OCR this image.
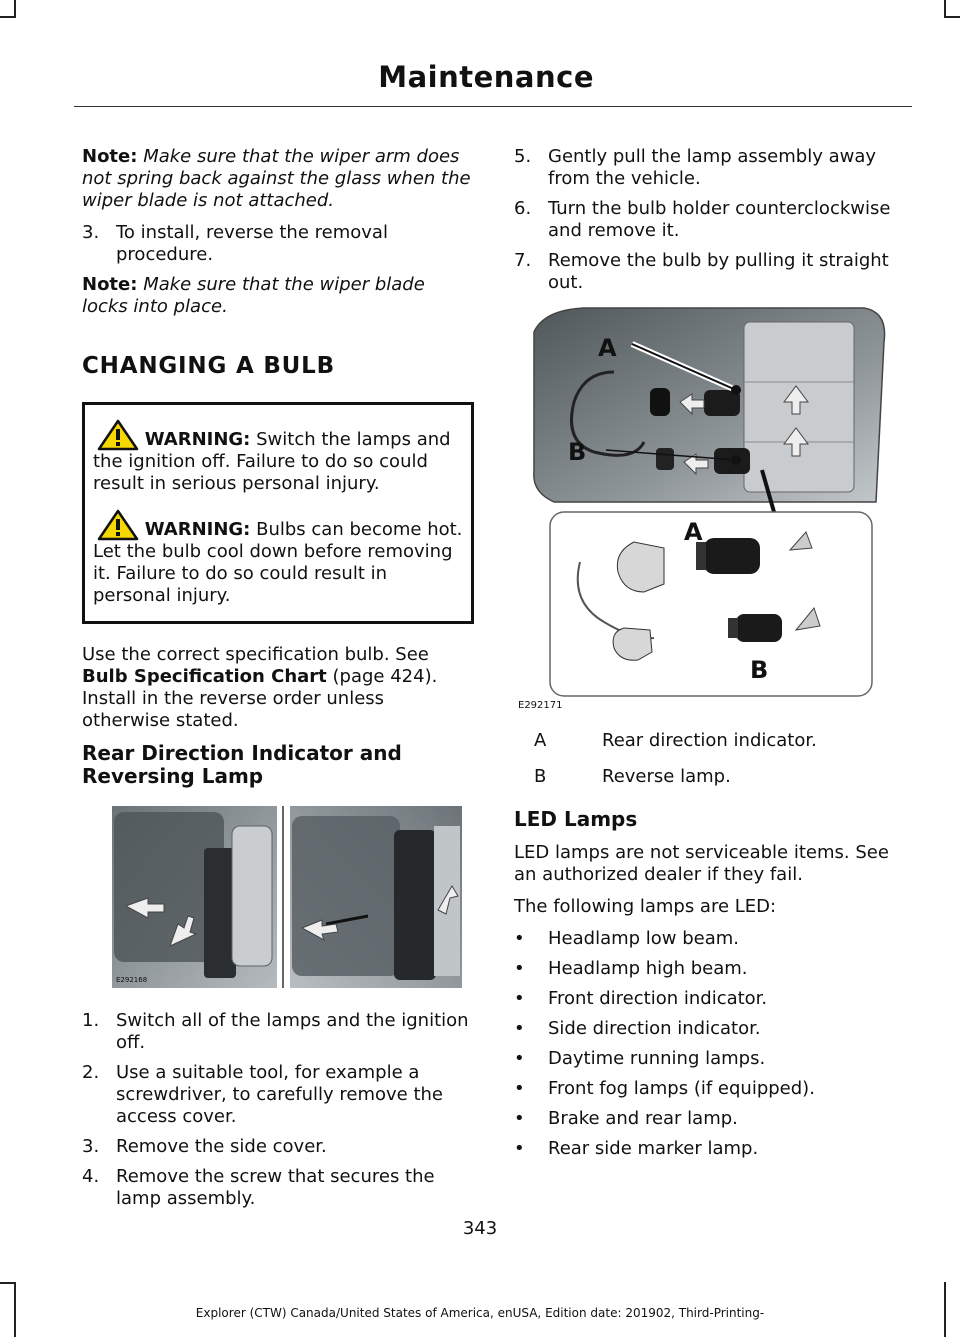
Maintenance

Note: Make sure that the wiper arm does not spring back against the glass when the wiper blade is not attached.

3. To install, reverse the removal procedure.

Note: Make sure that the wiper blade locks into place.

CHANGING A BULB

WARNING: Switch the lamps and the ignition off. Failure to do so could result in serious personal injury.

WARNING: Bulbs can become hot. Let the bulb cool down before removing it. Failure to do so could result in personal injury.

Use the correct specification bulb. See Bulb Specification Chart (page 424). Install in the reverse order unless otherwise stated.

Rear Direction Indicator and Reversing Lamp
E292168
1. Switch all of the lamps and the ignition off.
2. Use a suitable tool, for example a screwdriver, to carefully remove the access cover.
3. Remove the side cover.
4. Remove the screw that secures the lamp assembly.
5. Gently pull the lamp assembly away from the vehicle.
6. Turn the bulb holder counterclockwise and remove it.
7. Remove the bulb by pulling it straight out.
A
B
A
B
E292171
A	Rear direction indicator.
B	Reverse lamp.
LED Lamps

LED lamps are not serviceable items. See an authorized dealer if they fail.

The following lamps are LED:

•	Headlamp low beam.
•	Headlamp high beam.
•	Front direction indicator.
•	Side direction indicator.
•	Daytime running lamps.
•	Front fog lamps (if equipped).
•	Brake and rear lamp.
•	Rear side marker lamp.
343
Explorer (CTW) Canada/United States of America, enUSA, Edition date: 201902, Third-Printing-
